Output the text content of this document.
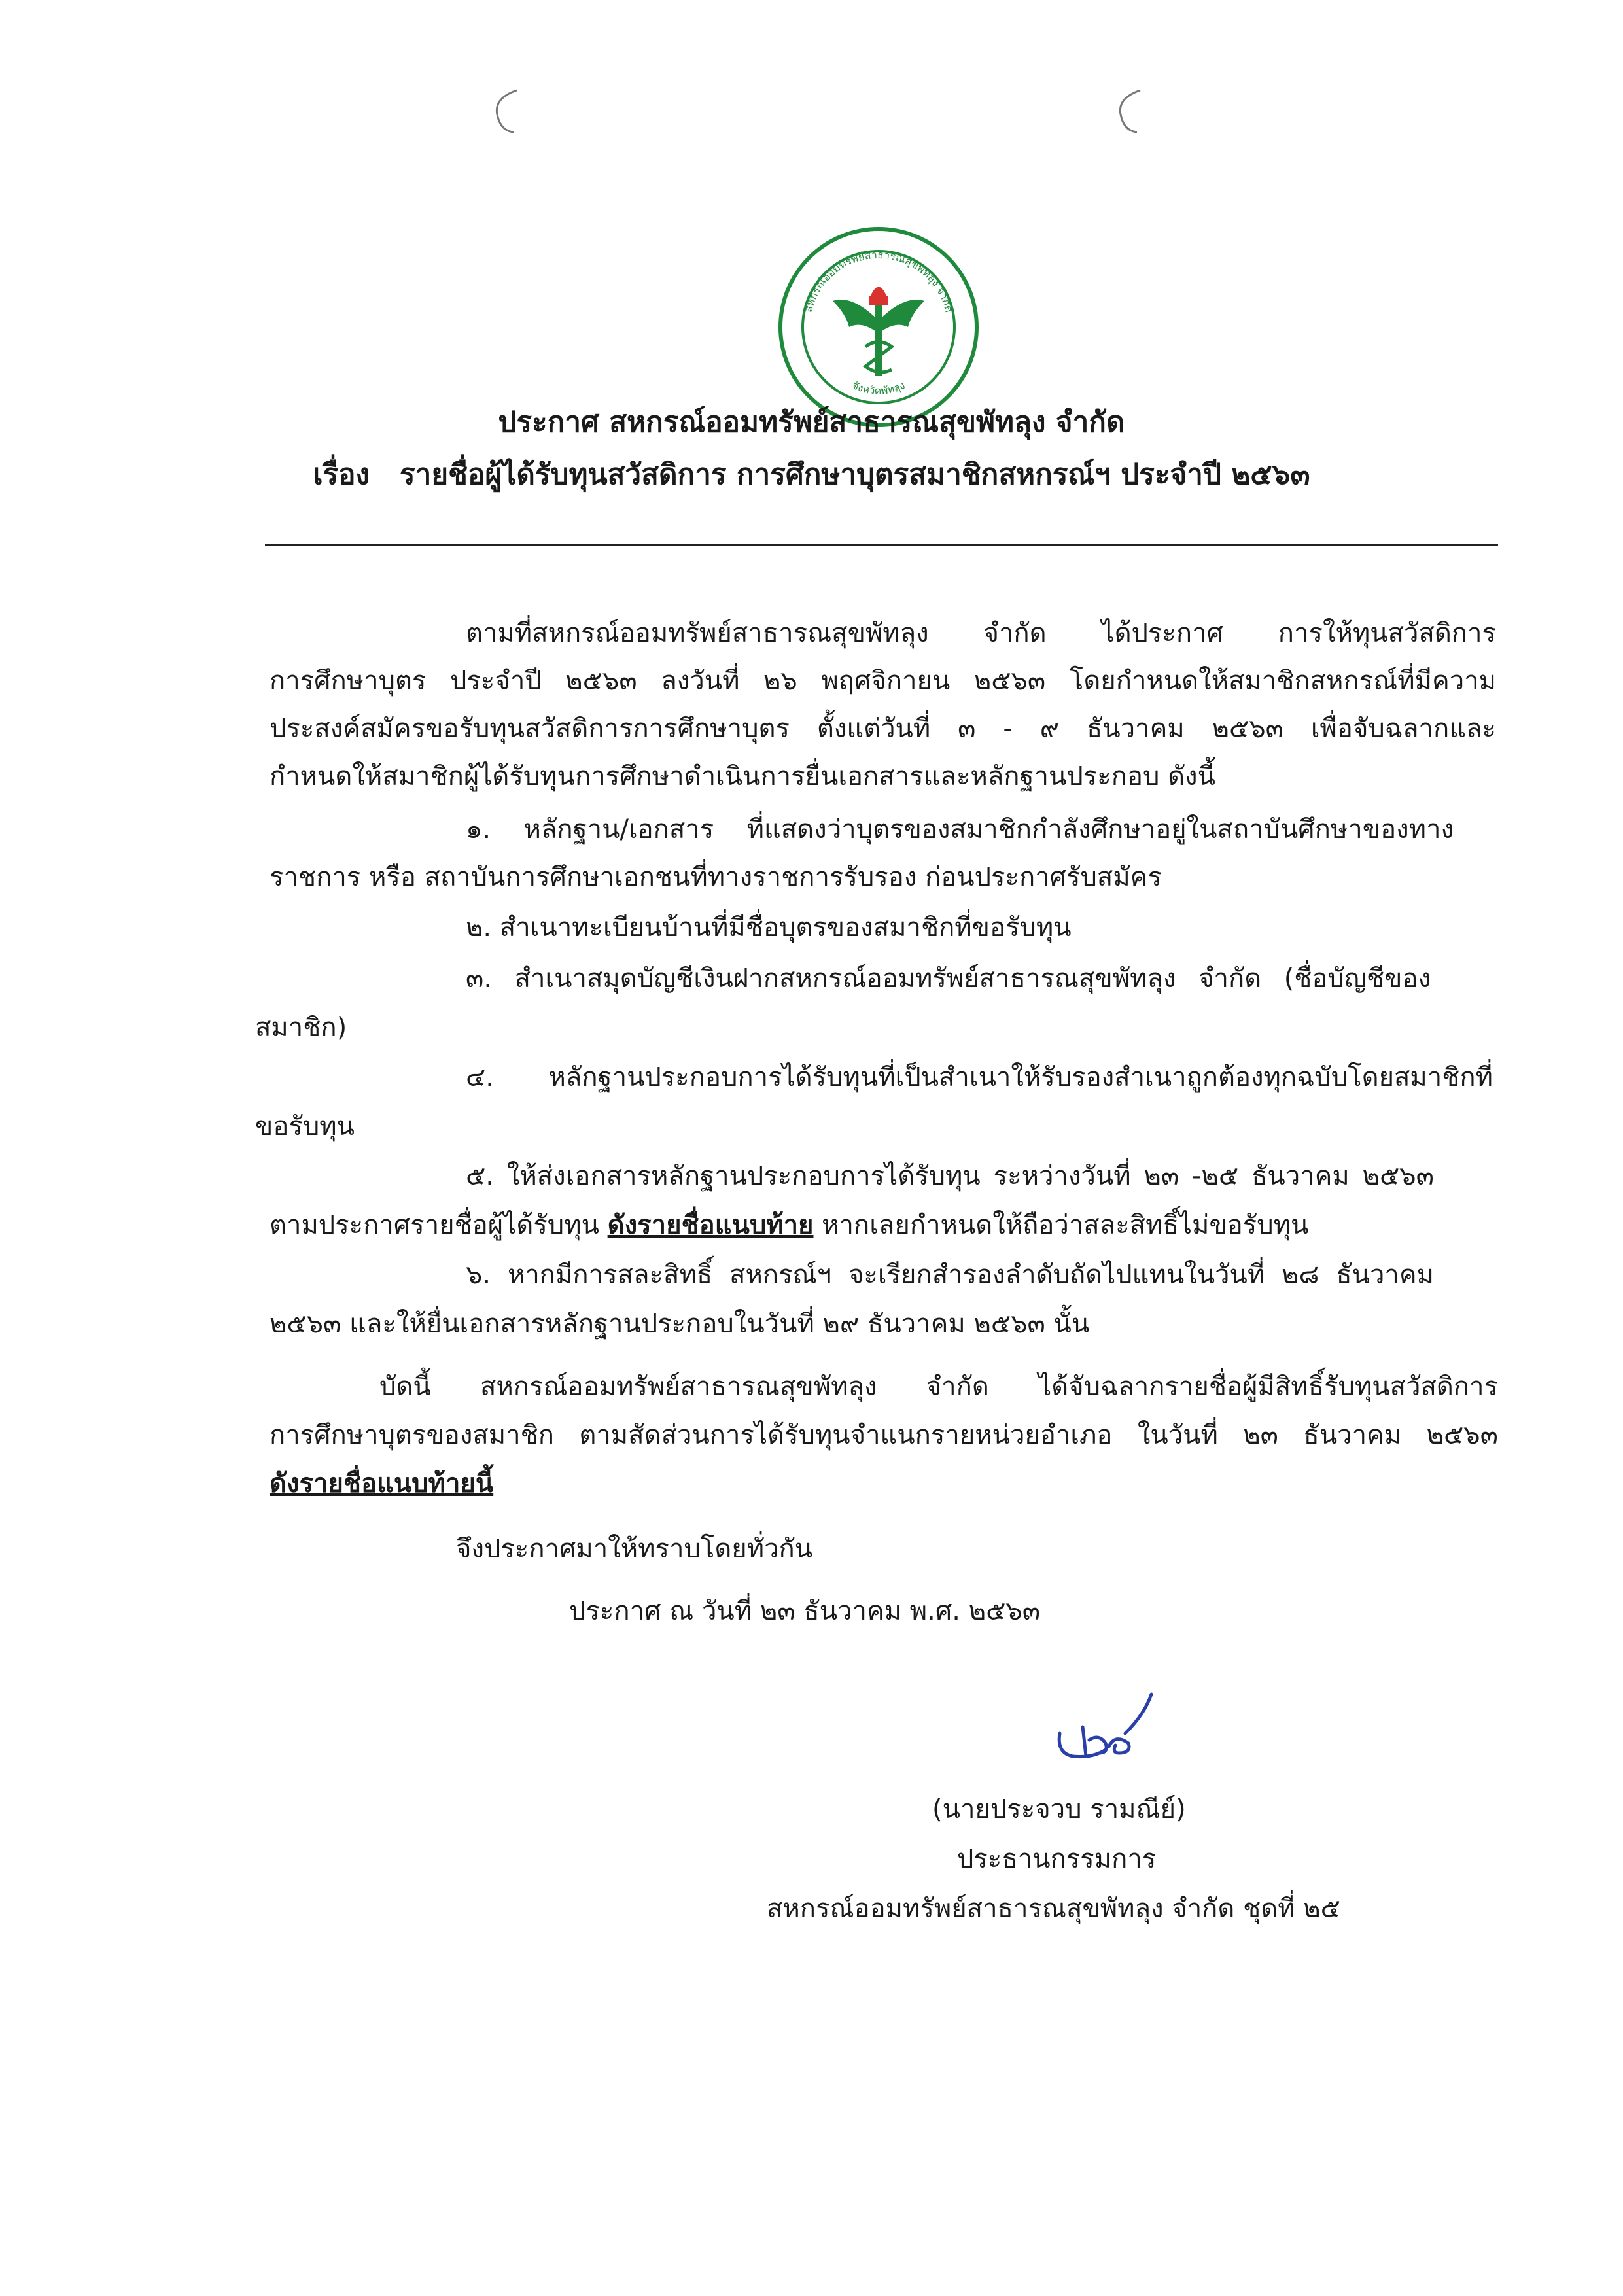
สหกรณ์ออมทรัพย์สาธารณสุขพัทลุง จำกัด
จังหวัดพัทลุง
ประกาศ สหกรณ์ออมทรัพย์สาธารณสุขพัทลุง จำกัด
เรื่อง รายชื่อผู้ได้รับทุนสวัสดิการ การศึกษาบุตรสมาชิกสหกรณ์ฯ ประจำปี ๒๕๖๓
ตามที่สหกรณ์ออมทรัพย์สาธารณสุขพัทลุง จำกัด ได้ประกาศ การให้ทุนสวัสดิการ
การศึกษาบุตร ประจำปี ๒๕๖๓ ลงวันที่ ๒๖ พฤศจิกายน ๒๕๖๓ โดยกำหนดให้สมาชิกสหกรณ์ที่มีความ
ประสงค์สมัครขอรับทุนสวัสดิการการศึกษาบุตร ตั้งแต่วันที่ ๓ - ๙ ธันวาคม ๒๕๖๓ เพื่อจับฉลากและ
กำหนดให้สมาชิกผู้ได้รับทุนการศึกษาดำเนินการยื่นเอกสารและหลักฐานประกอบ ดังนี้
๑. หลักฐาน/เอกสาร ที่แสดงว่าบุตรของสมาชิกกำลังศึกษาอยู่ในสถาบันศึกษาของทาง
ราชการ หรือ สถาบันการศึกษาเอกชนที่ทางราชการรับรอง ก่อนประกาศรับสมัคร
๒. สำเนาทะเบียนบ้านที่มีชื่อบุตรของสมาชิกที่ขอรับทุน
๓. สำเนาสมุดบัญชีเงินฝากสหกรณ์ออมทรัพย์สาธารณสุขพัทลุง จำกัด (ชื่อบัญชีของ
สมาชิก)
๔. หลักฐานประกอบการได้รับทุนที่เป็นสำเนาให้รับรองสำเนาถูกต้องทุกฉบับโดยสมาชิกที่
ขอรับทุน
๕. ให้ส่งเอกสารหลักฐานประกอบการได้รับทุน ระหว่างวันที่ ๒๓ -๒๕ ธันวาคม ๒๕๖๓
ตามประกาศรายชื่อผู้ได้รับทุน ดังรายชื่อแนบท้าย หากเลยกำหนดให้ถือว่าสละสิทธิ์ไม่ขอรับทุน
๖. หากมีการสละสิทธิ์ สหกรณ์ฯ จะเรียกสำรองลำดับถัดไปแทนในวันที่ ๒๘ ธันวาคม
๒๕๖๓ และให้ยื่นเอกสารหลักฐานประกอบในวันที่ ๒๙ ธันวาคม ๒๕๖๓ นั้น
บัดนี้ สหกรณ์ออมทรัพย์สาธารณสุขพัทลุง จำกัด ได้จับฉลากรายชื่อผู้มีสิทธิ์รับทุนสวัสดิการ
การศึกษาบุตรของสมาชิก ตามสัดส่วนการได้รับทุนจำแนกรายหน่วยอำเภอ ในวันที่ ๒๓ ธันวาคม ๒๕๖๓
ดังรายชื่อแนบท้ายนี้
จึงประกาศมาให้ทราบโดยทั่วกัน
ประกาศ ณ วันที่ ๒๓ ธันวาคม พ.ศ. ๒๕๖๓
(นายประจวบ รามณีย์)
ประธานกรรมการ
สหกรณ์ออมทรัพย์สาธารณสุขพัทลุง จำกัด ชุดที่ ๒๕
